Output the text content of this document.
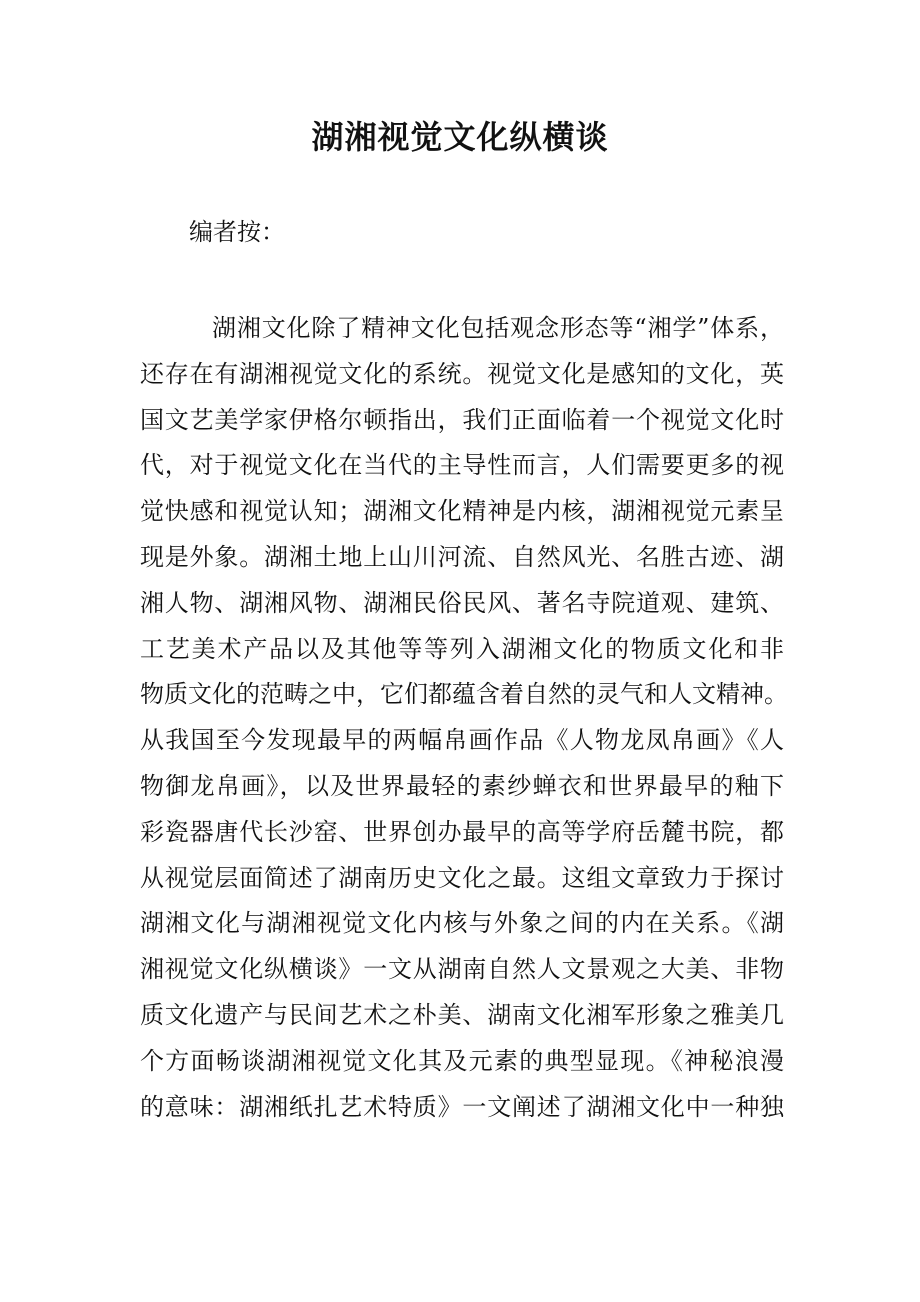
湖湘视觉文化纵横谈

编者按：

湖湘文化除了精神文化包括观念形态等“湘学”体系，
还存在有湖湘视觉文化的系统。视觉文化是感知的文化，英
国文艺美学家伊格尔顿指出，我们正面临着一个视觉文化时
代，对于视觉文化在当代的主导性而言，人们需要更多的视
觉快感和视觉认知；湖湘文化精神是内核，湖湘视觉元素呈
现是外象。湖湘土地上山川河流、自然风光、名胜古迹、湖
湘人物、湖湘风物、湖湘民俗民风、著名寺院道观、建筑、
工艺美术产品以及其他等等列入湖湘文化的物质文化和非
物质文化的范畴之中，它们都蕴含着自然的灵气和人文精神。
从我国至今发现最早的两幅帛画作品《人物龙凤帛画》《人
物御龙帛画》，以及世界最轻的素纱蝉衣和世界最早的釉下
彩瓷器唐代长沙窑、世界创办最早的高等学府岳麓书院，都
从视觉层面简述了湖南历史文化之最。这组文章致力于探讨
湖湘文化与湖湘视觉文化内核与外象之间的内在关系。《湖
湘视觉文化纵横谈》一文从湖南自然人文景观之大美、非物
质文化遗产与民间艺术之朴美、湖南文化湘军形象之雅美几
个方面畅谈湖湘视觉文化其及元素的典型显现。《神秘浪漫
的意味：湖湘纸扎艺术特质》一文阐述了湖湘文化中一种独
